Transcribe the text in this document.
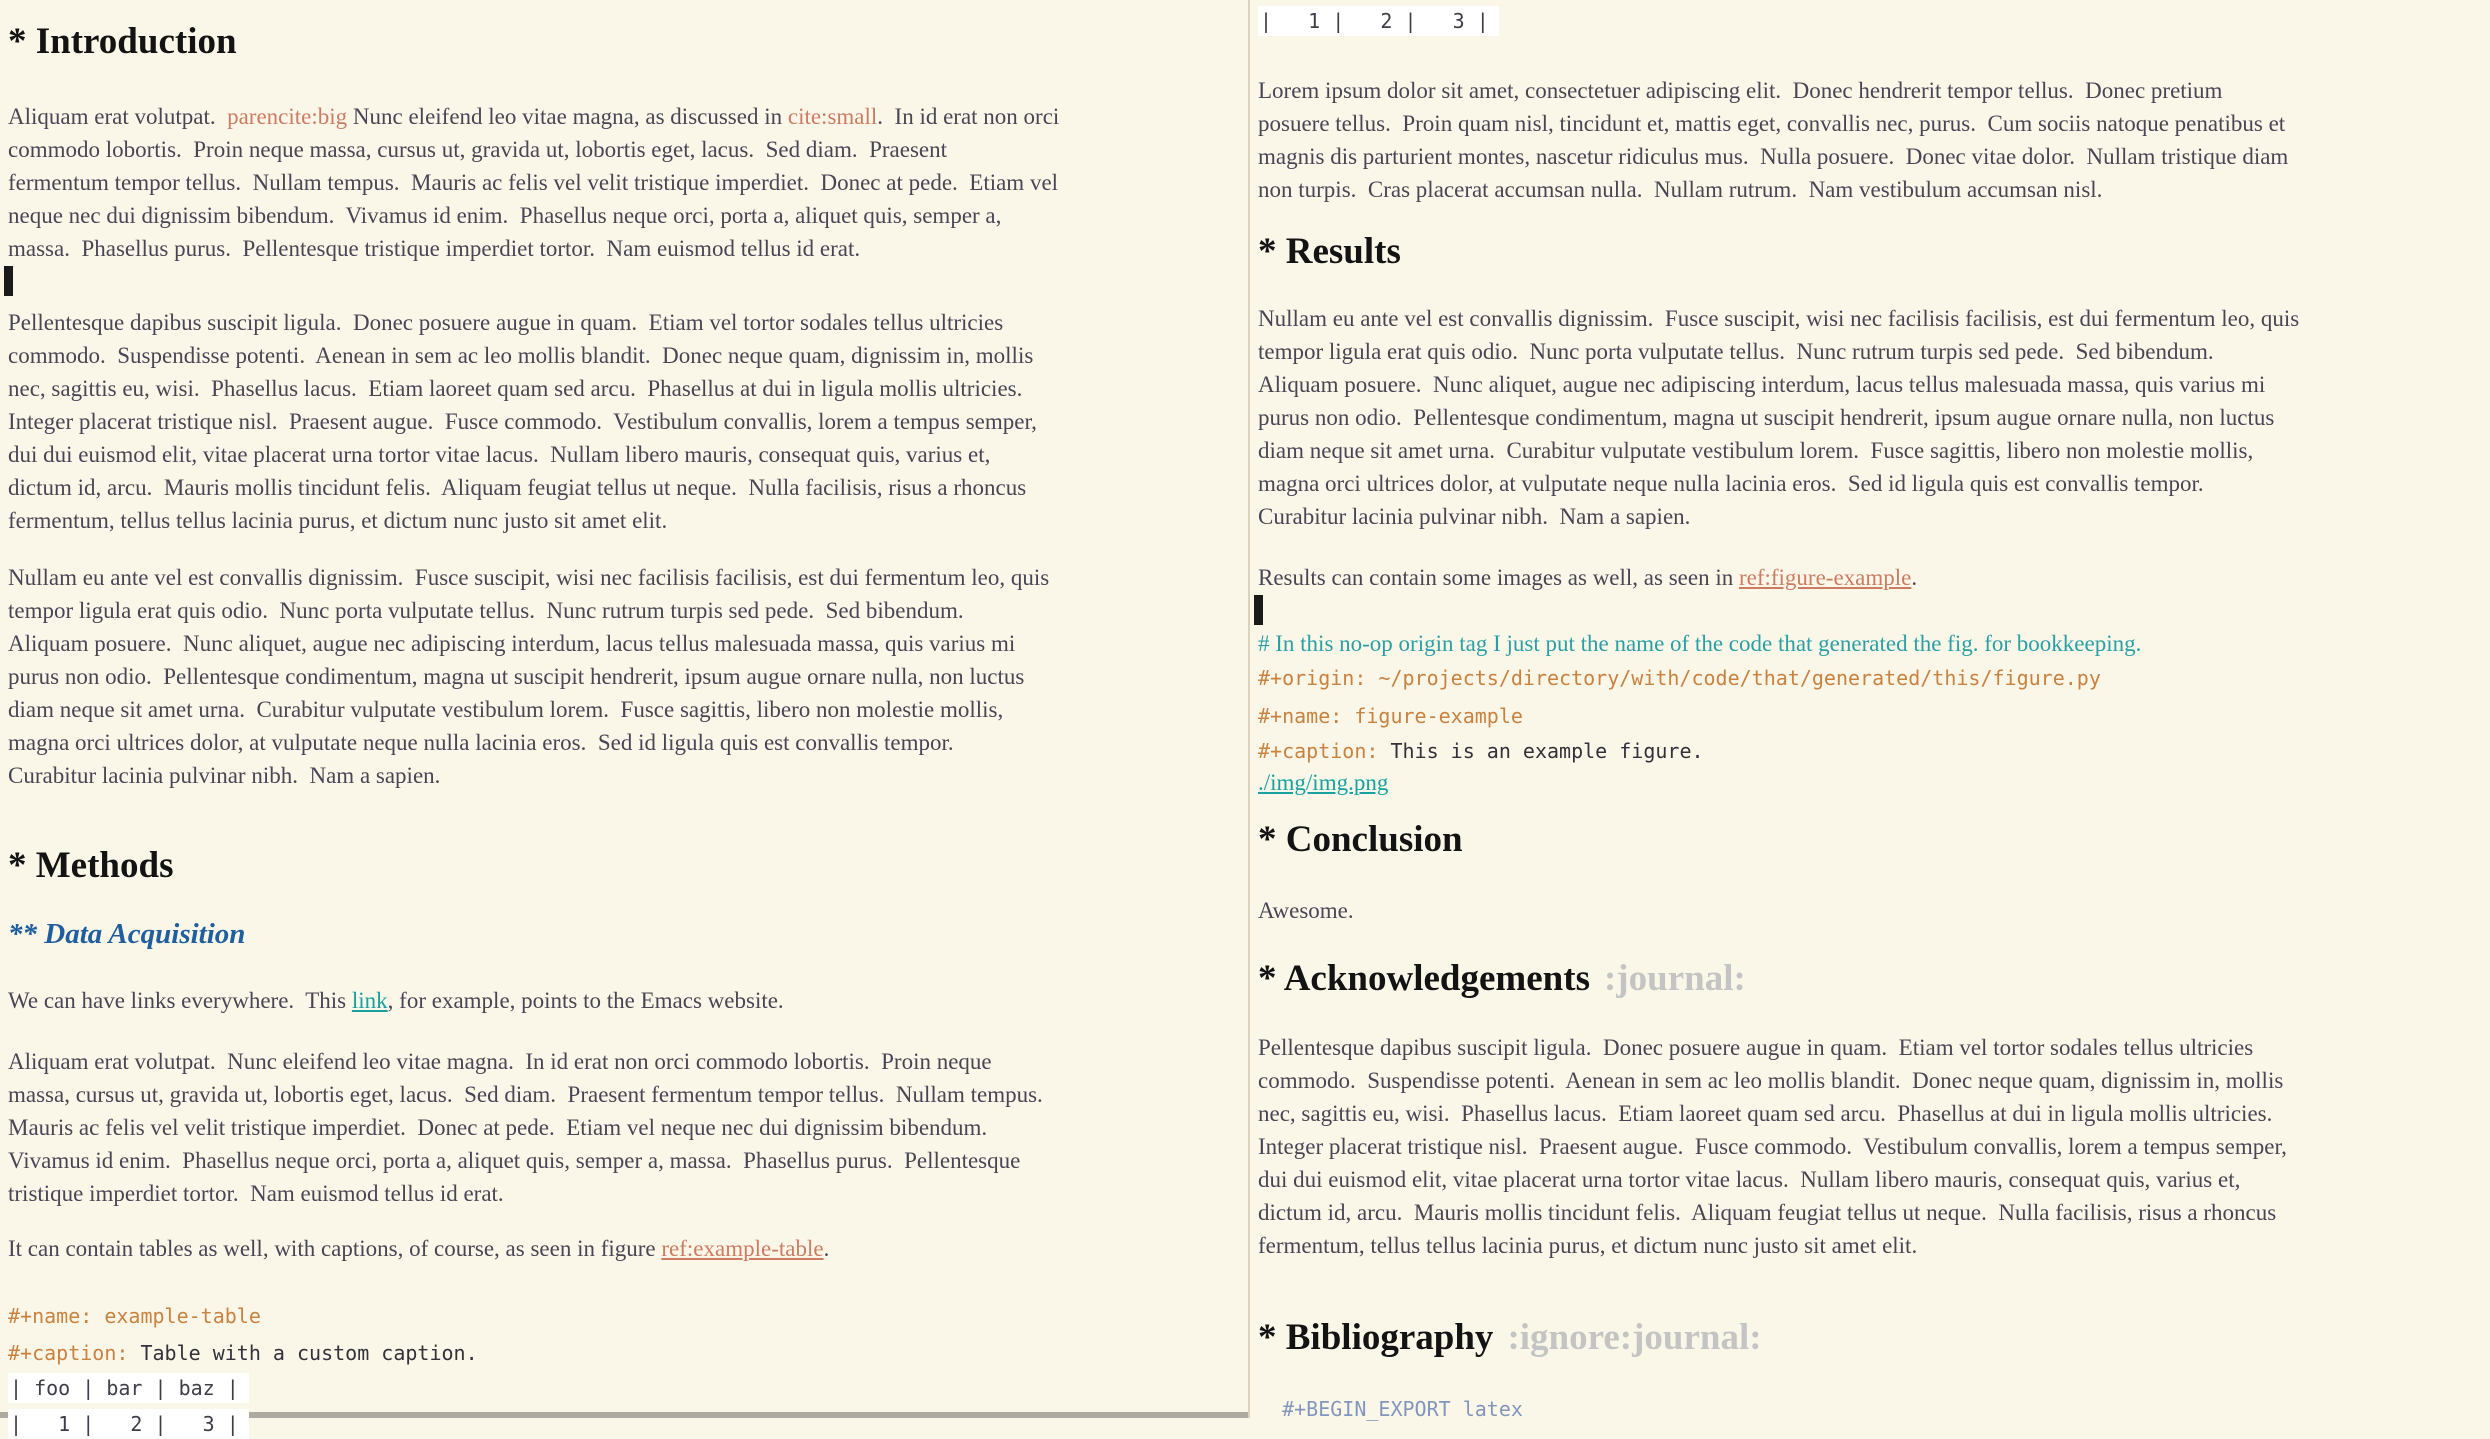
* Introduction
Aliquam erat volutpat.  parencite:big Nunc eleifend leo vitae magna, as discussed in cite:small.  In id erat non orci
commodo lobortis.  Proin neque massa, cursus ut, gravida ut, lobortis eget, lacus.  Sed diam.  Praesent
fermentum tempor tellus.  Nullam tempus.  Mauris ac felis vel velit tristique imperdiet.  Donec at pede.  Etiam vel
neque nec dui dignissim bibendum.  Vivamus id enim.  Phasellus neque orci, porta a, aliquet quis, semper a,
massa.  Phasellus purus.  Pellentesque tristique imperdiet tortor.  Nam euismod tellus id erat.
Pellentesque dapibus suscipit ligula.  Donec posuere augue in quam.  Etiam vel tortor sodales tellus ultricies
commodo.  Suspendisse potenti.  Aenean in sem ac leo mollis blandit.  Donec neque quam, dignissim in, mollis
nec, sagittis eu, wisi.  Phasellus lacus.  Etiam laoreet quam sed arcu.  Phasellus at dui in ligula mollis ultricies.
Integer placerat tristique nisl.  Praesent augue.  Fusce commodo.  Vestibulum convallis, lorem a tempus semper,
dui dui euismod elit, vitae placerat urna tortor vitae lacus.  Nullam libero mauris, consequat quis, varius et,
dictum id, arcu.  Mauris mollis tincidunt felis.  Aliquam feugiat tellus ut neque.  Nulla facilisis, risus a rhoncus
fermentum, tellus tellus lacinia purus, et dictum nunc justo sit amet elit.
Nullam eu ante vel est convallis dignissim.  Fusce suscipit, wisi nec facilisis facilisis, est dui fermentum leo, quis
tempor ligula erat quis odio.  Nunc porta vulputate tellus.  Nunc rutrum turpis sed pede.  Sed bibendum.
Aliquam posuere.  Nunc aliquet, augue nec adipiscing interdum, lacus tellus malesuada massa, quis varius mi
purus non odio.  Pellentesque condimentum, magna ut suscipit hendrerit, ipsum augue ornare nulla, non luctus
diam neque sit amet urna.  Curabitur vulputate vestibulum lorem.  Fusce sagittis, libero non molestie mollis,
magna orci ultrices dolor, at vulputate neque nulla lacinia eros.  Sed id ligula quis est convallis tempor.
Curabitur lacinia pulvinar nibh.  Nam a sapien.
* Methods
** Data Acquisition
We can have links everywhere.  This link, for example, points to the Emacs website.
Aliquam erat volutpat.  Nunc eleifend leo vitae magna.  In id erat non orci commodo lobortis.  Proin neque
massa, cursus ut, gravida ut, lobortis eget, lacus.  Sed diam.  Praesent fermentum tempor tellus.  Nullam tempus.
Mauris ac felis vel velit tristique imperdiet.  Donec at pede.  Etiam vel neque nec dui dignissim bibendum.
Vivamus id enim.  Phasellus neque orci, porta a, aliquet quis, semper a, massa.  Phasellus purus.  Pellentesque
tristique imperdiet tortor.  Nam euismod tellus id erat.
It can contain tables as well, with captions, of course, as seen in figure ref:example-table.
#+name: example-table
#+caption: Table with a custom caption.
| foo | bar | baz |
|   1 |   2 |   3 |
|   1 |   2 |   3 |
Lorem ipsum dolor sit amet, consectetuer adipiscing elit.  Donec hendrerit tempor tellus.  Donec pretium
posuere tellus.  Proin quam nisl, tincidunt et, mattis eget, convallis nec, purus.  Cum sociis natoque penatibus et
magnis dis parturient montes, nascetur ridiculus mus.  Nulla posuere.  Donec vitae dolor.  Nullam tristique diam
non turpis.  Cras placerat accumsan nulla.  Nullam rutrum.  Nam vestibulum accumsan nisl.
* Results
Nullam eu ante vel est convallis dignissim.  Fusce suscipit, wisi nec facilisis facilisis, est dui fermentum leo, quis
tempor ligula erat quis odio.  Nunc porta vulputate tellus.  Nunc rutrum turpis sed pede.  Sed bibendum.
Aliquam posuere.  Nunc aliquet, augue nec adipiscing interdum, lacus tellus malesuada massa, quis varius mi
purus non odio.  Pellentesque condimentum, magna ut suscipit hendrerit, ipsum augue ornare nulla, non luctus
diam neque sit amet urna.  Curabitur vulputate vestibulum lorem.  Fusce sagittis, libero non molestie mollis,
magna orci ultrices dolor, at vulputate neque nulla lacinia eros.  Sed id ligula quis est convallis tempor.
Curabitur lacinia pulvinar nibh.  Nam a sapien.
Results can contain some images as well, as seen in ref:figure-example.
# In this no-op origin tag I just put the name of the code that generated the fig. for bookkeeping.
#+origin: ~/projects/directory/with/code/that/generated/this/figure.py
#+name: figure-example
#+caption: This is an example figure.
./img/img.png
* Conclusion
Awesome.
* Acknowledgements :journal:
Pellentesque dapibus suscipit ligula.  Donec posuere augue in quam.  Etiam vel tortor sodales tellus ultricies
commodo.  Suspendisse potenti.  Aenean in sem ac leo mollis blandit.  Donec neque quam, dignissim in, mollis
nec, sagittis eu, wisi.  Phasellus lacus.  Etiam laoreet quam sed arcu.  Phasellus at dui in ligula mollis ultricies.
Integer placerat tristique nisl.  Praesent augue.  Fusce commodo.  Vestibulum convallis, lorem a tempus semper,
dui dui euismod elit, vitae placerat urna tortor vitae lacus.  Nullam libero mauris, consequat quis, varius et,
dictum id, arcu.  Mauris mollis tincidunt felis.  Aliquam feugiat tellus ut neque.  Nulla facilisis, risus a rhoncus
fermentum, tellus tellus lacinia purus, et dictum nunc justo sit amet elit.
* Bibliography :ignore:journal:
#+BEGIN_EXPORT latex
